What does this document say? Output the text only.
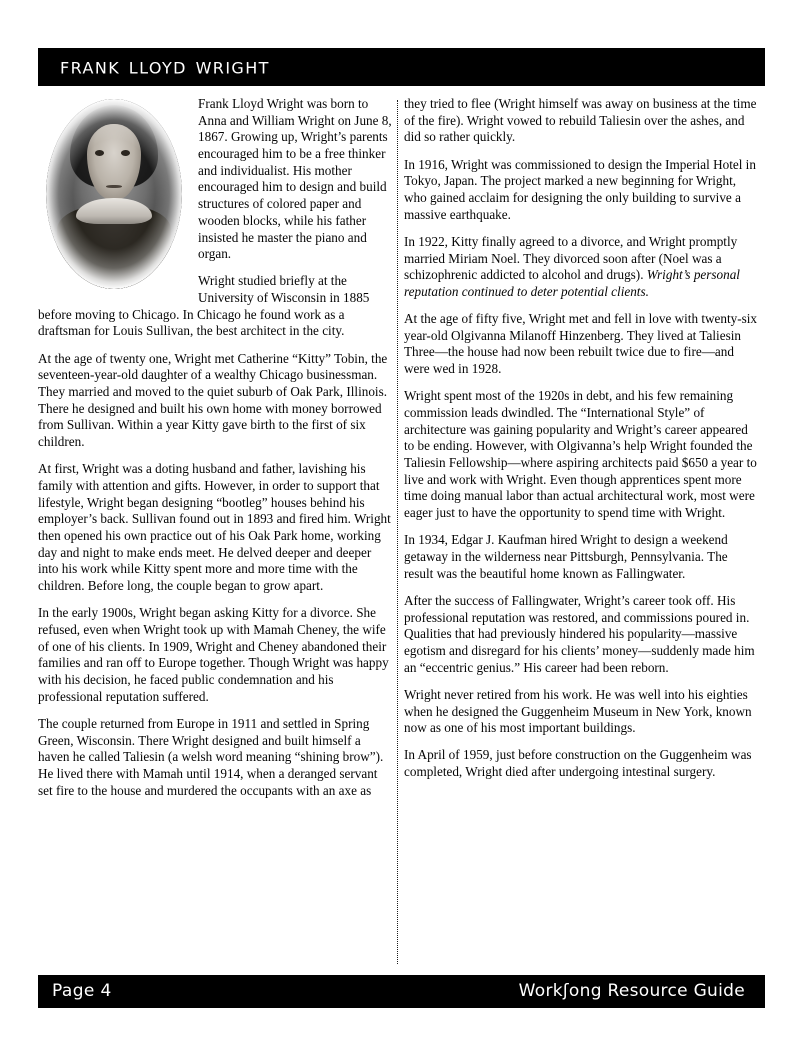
frank lloyd wright

Frank Lloyd Wright was born to Anna and William Wright on June 8, 1867. Growing up, Wright’s parents encouraged him to be a free thinker and individualist. His mother encouraged him to design and build structures of colored paper and wooden blocks, while his father insisted he master the piano and organ.

Wright studied briefly at the University of Wisconsin in 1885 before moving to Chicago. In Chicago he found work as a draftsman for Louis Sullivan, the best architect in the city.

At the age of twenty one, Wright met Catherine “Kitty” Tobin, the seventeen-year-old daughter of a wealthy Chicago businessman. They married and moved to the quiet suburb of Oak Park, Illinois. There he designed and built his own home with money borrowed from Sullivan. Within a year Kitty gave birth to the first of six children.

At first, Wright was a doting husband and father, lavishing his family with attention and gifts. However, in order to support that lifestyle, Wright began designing “bootleg” houses behind his employer’s back. Sullivan found out in 1893 and fired him. Wright then opened his own practice out of his Oak Park home, working day and night to make ends meet. He delved deeper and deeper into his work while Kitty spent more and more time with the children. Before long, the couple began to grow apart.

In the early 1900s, Wright began asking Kitty for a divorce. She refused, even when Wright took up with Mamah Cheney, the wife of one of his clients. In 1909, Wright and Cheney abandoned their families and ran off to Europe together. Though Wright was happy with his decision, he faced public condemnation and his professional reputation suffered.

The couple returned from Europe in 1911 and settled in Spring Green, Wisconsin. There Wright designed and built himself a haven he called Taliesin (a welsh word meaning “shining brow”). He lived there with Mamah until 1914, when a deranged servant set fire to the house and murdered the occupants with an axe as

they tried to flee (Wright himself was away on business at the time of the fire). Wright vowed to rebuild Taliesin over the ashes, and did so rather quickly.

In 1916, Wright was commissioned to design the Imperial Hotel in Tokyo, Japan. The project marked a new beginning for Wright, who gained acclaim for designing the only building to survive a massive earthquake.

In 1922, Kitty finally agreed to a divorce, and Wright promptly married Miriam Noel. They divorced soon after (Noel was a schizophrenic addicted to alcohol and drugs). Wright’s personal reputation continued to deter potential clients.

At the age of fifty five, Wright met and fell in love with twenty-six year-old Olgivanna Milanoff Hinzenberg. They lived at Taliesin Three—the house had now been rebuilt twice due to fire—and were wed in 1928.

Wright spent most of the 1920s in debt, and his few remaining commission leads dwindled. The “International Style” of architecture was gaining popularity and Wright’s career appeared to be ending. However, with Olgivanna’s help Wright founded the Taliesin Fellowship—where aspiring architects paid $650 a year to live and work with Wright. Even though apprentices spent more time doing manual labor than actual architectural work, most were eager just to have the opportunity to spend time with Wright.

In 1934, Edgar J. Kaufman hired Wright to design a weekend getaway in the wilderness near Pittsburgh, Pennsylvania. The result was the beautiful home known as Fallingwater.

After the success of Fallingwater, Wright’s career took off. His professional reputation was restored, and commissions poured in. Qualities that had previously hindered his popularity—massive egotism and disregard for his clients’ money—suddenly made him an “eccentric genius.” His career had been reborn.

Wright never retired from his work. He was well into his eighties when he designed the Guggenheim Museum in New York, known now as one of his most important buildings.

In April of 1959, just before construction on the Guggenheim was completed, Wright died after undergoing intestinal surgery.

Page 4	Workʃong Resource Guide
